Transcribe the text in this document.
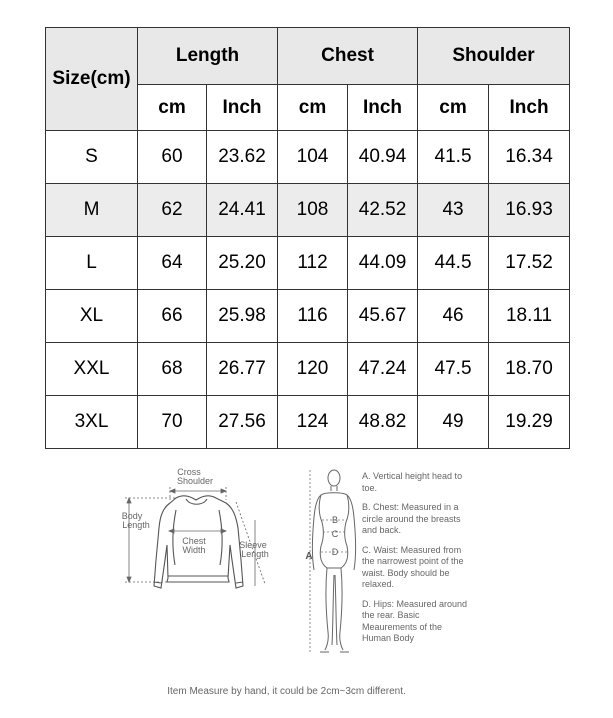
Size(cm)	Length		Chest		Shoulder	
	cm	Inch	cm	Inch	cm	Inch
S	60	23.62	104	40.94	41.5	16.34
M	62	24.41	108	42.52	43	16.93
L	64	25.20	112	44.09	44.5	17.52
XL	66	25.98	116	45.67	46	18.11
XXL	68	26.77	120	47.24	47.5	18.70
3XL	70	27.56	124	48.82	49	19.29
Cross
Shoulder
Body
Length
Chest
Width	Sleeve
Length	A
B
C
D
A. Vertical height head to toe.
B. Chest: Measured in a circle around the breasts and back.
C. Waist: Measured from the narrowest point of the waist. Body should be relaxed.
D. Hips: Measured around the rear. Basic Meaurements of the Human Body
Item Measure by hand, it could be 2cm~3cm different.
